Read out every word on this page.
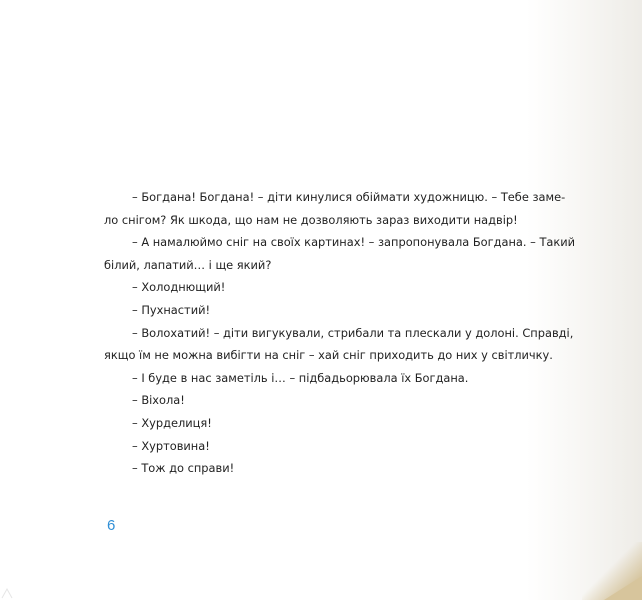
– Богдана! Богдана! – діти кинулися обіймати художницю. – Тебе заме-
ло снігом? Як шкода, що нам не дозволяють зараз виходити надвір!
– А намалюймо сніг на своїх картинах! – запропонувала Богдана. – Такий
білий, лапатий… і ще який?
– Холоднющий!
– Пухнастий!
– Волохатий! – діти вигукували, стрибали та плескали у долоні. Справді,
якщо їм не можна вибігти на сніг – хай сніг приходить до них у світличку.
– І буде в нас заметіль і… – підбадьорювала їх Богдана.
– Віхола!
– Хурделиця!
– Хуртовина!
– Тож до справи!
6
